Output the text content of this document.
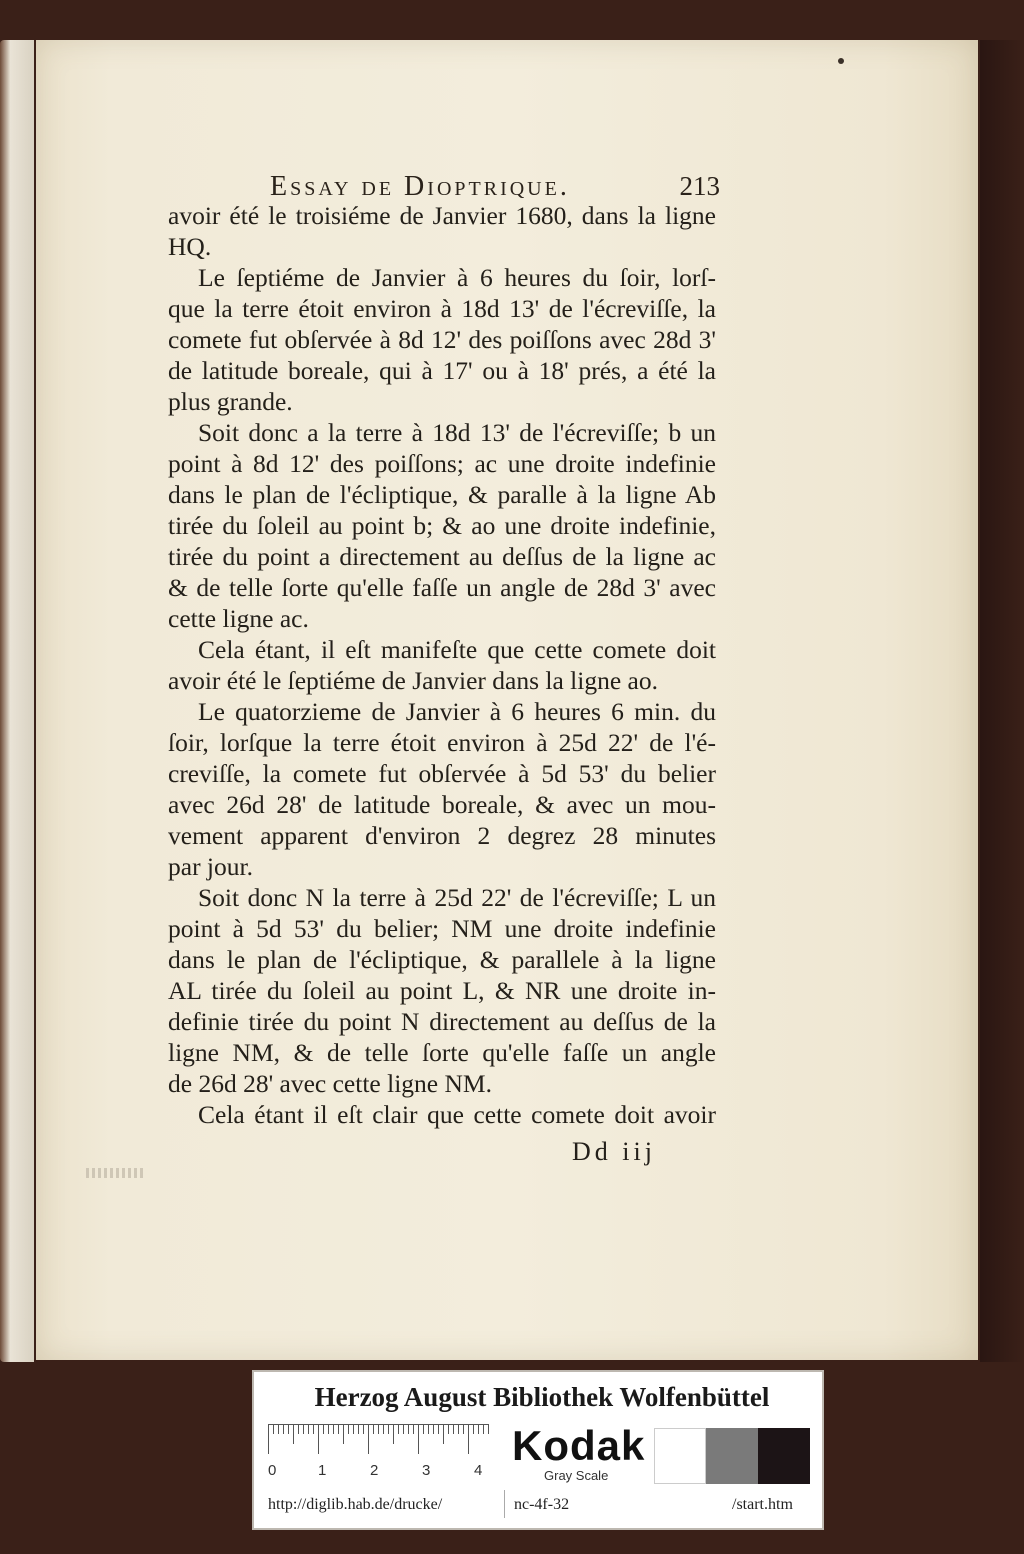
Essay de Dioptrique.	213
avoir été le troisiéme de Janvier 1680, dans la ligne
HQ.
Le ſeptiéme de Janvier à 6 heures du ſoir, lorſ-
que la terre étoit environ à 18d 13' de l'écreviſſe, la
comete fut obſervée à 8d 12' des poiſſons avec 28d 3'
de latitude boreale, qui à 17' ou à 18' prés, a été la
plus grande.
Soit donc a la terre à 18d 13' de l'écreviſſe; b un
point à 8d 12' des poiſſons; ac une droite indefinie
dans le plan de l'écliptique, & paralle à la ligne Ab
tirée du ſoleil au point b; & ao une droite indefinie,
tirée du point a directement au deſſus de la ligne ac
& de telle ſorte qu'elle faſſe un angle de 28d 3' avec
cette ligne ac.
Cela étant, il eſt manifeſte que cette comete doit
avoir été le ſeptiéme de Janvier dans la ligne ao.
Le quatorzieme de Janvier à 6 heures 6 min. du
ſoir, lorſque la terre étoit environ à 25d 22' de l'é-
creviſſe, la comete fut obſervée à 5d 53' du belier
avec 26d 28' de latitude boreale, & avec un mou-
vement apparent d'environ 2 degrez 28 minutes
par jour.
Soit donc N la terre à 25d 22' de l'écreviſſe; L un
point à 5d 53' du belier; NM une droite indefinie
dans le plan de l'écliptique, & parallele à la ligne
AL tirée du ſoleil au point L, & NR une droite in-
definie tirée du point N directement au deſſus de la
ligne NM, & de telle ſorte qu'elle faſſe un angle
de 26d 28' avec cette ligne NM.
Cela étant il eſt clair que cette comete doit avoir
Dd iij
Herzog August Bibliothek Wolfenbüttel
0	1	2	3	4
Kodak
Gray Scale
http://diglib.hab.de/drucke/	nc-4f-32	/start.htm
